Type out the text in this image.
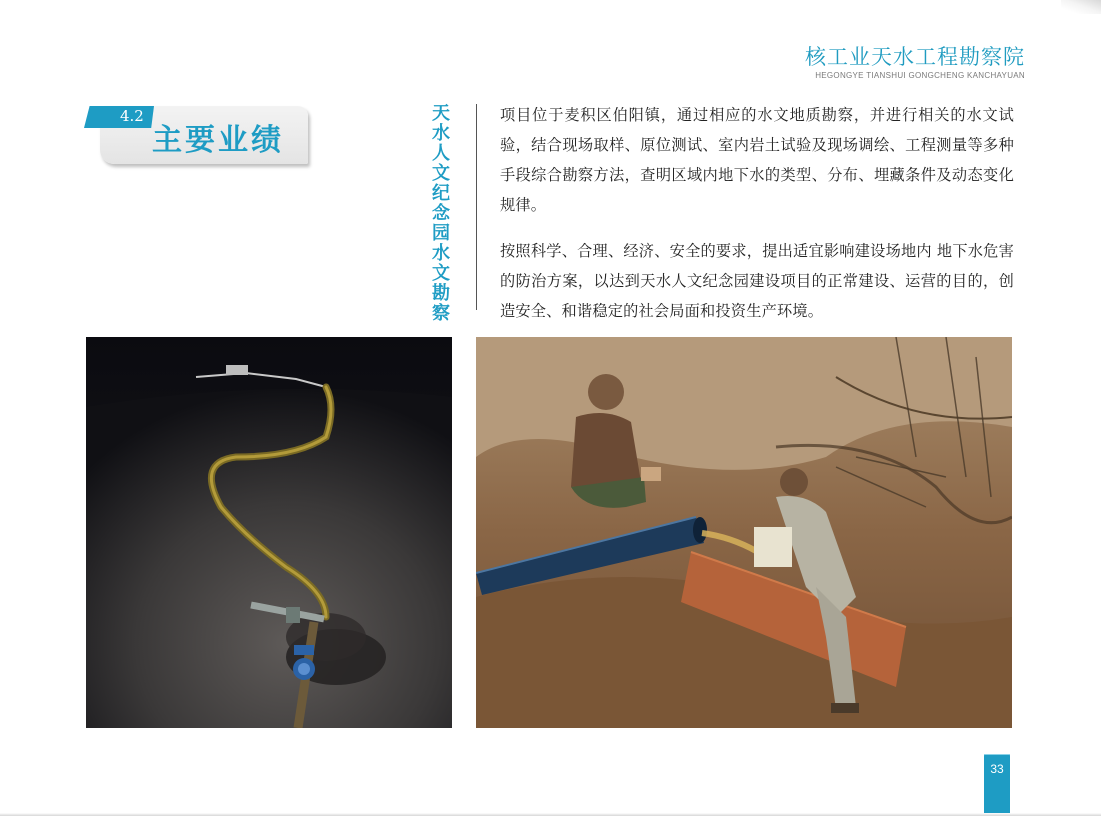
核工业天水工程勘察院
HEGONGYE TIANSHUI GONGCHENG KANCHAYUAN
4.2
主要业绩
天水人文纪念园水文勘察

项目位于麦积区伯阳镇，通过相应的水文地质勘察，并进行相关的水文试验，结合现场取样、原位测试、室内岩土试验及现场调绘、工程测量等多种手段综合勘察方法，查明区域内地下水的类型、分布、埋藏条件及动态变化规律。

按照科学、合理、经济、安全的要求，提出适宜影响建设场地内 地下水危害的防治方案，以达到天水人文纪念园建设项目的正常建设、运营的目的，创造安全、和谐稳定的社会局面和投资生产环境。

33
